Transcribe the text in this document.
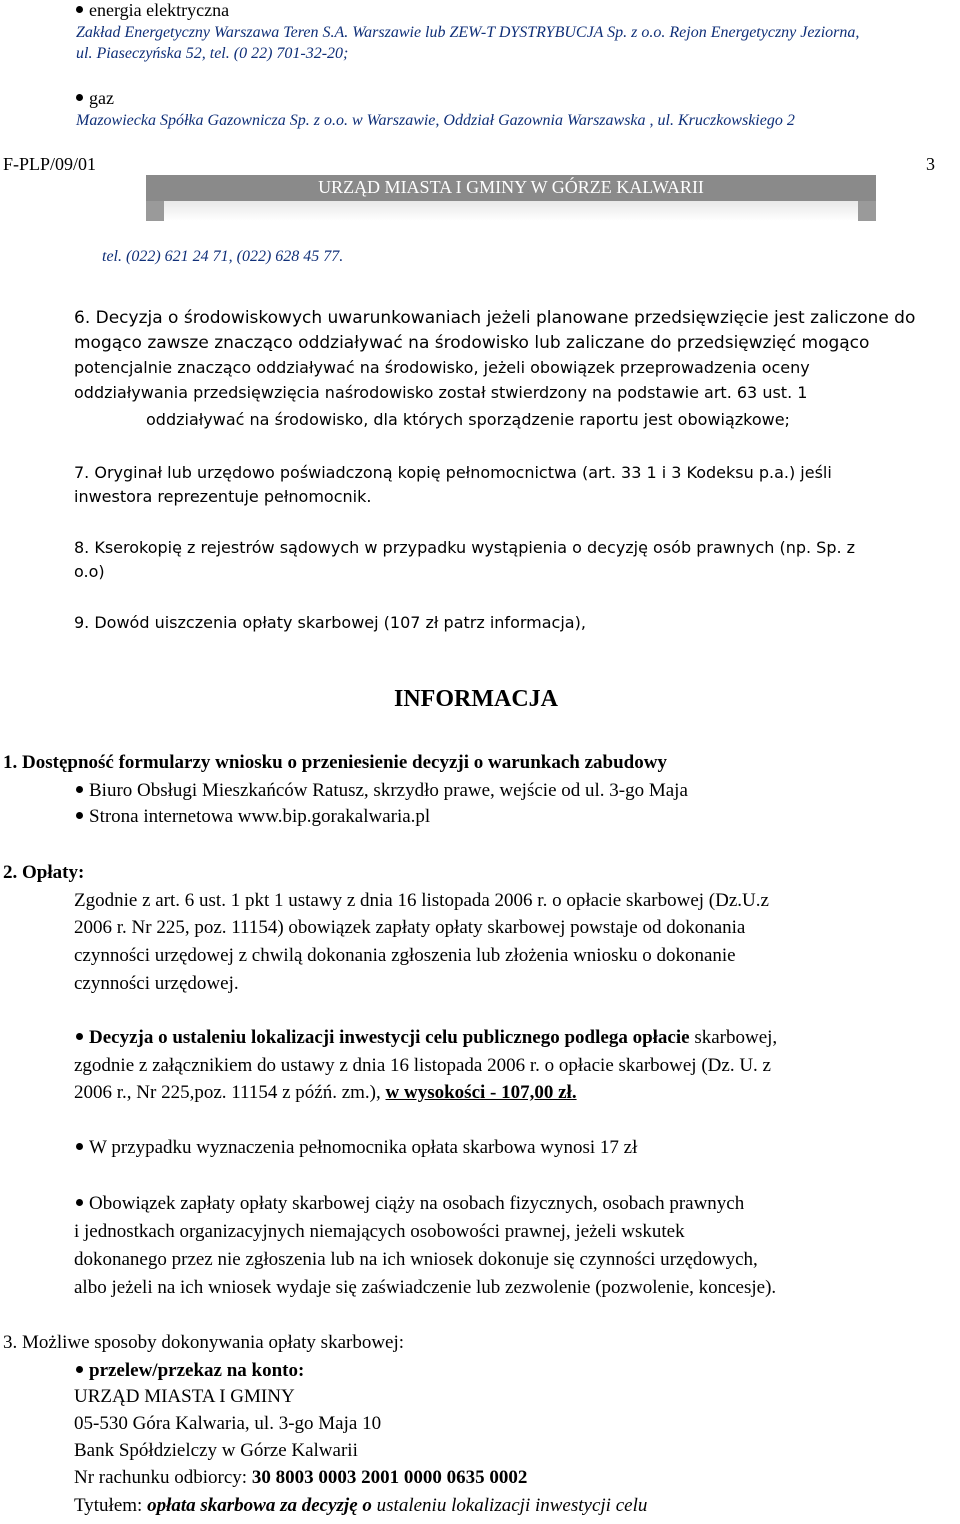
energia elektryczna
Zakład Energetyczny Warszawa Teren S.A. Warszawie lub ZEW-T DYSTRYBUCJA Sp. z o.o. Rejon Energetyczny Jeziorna,
ul. Piaseczyńska 52, tel. (0 22) 701-32-20;
gaz
Mazowiecka Spółka Gazownicza Sp. z o.o. w Warszawie, Oddział Gazownia Warszawska , ul. Kruczkowskiego 2
F-PLP/09/01	3
URZĄD MIASTA I GMINY W GÓRZE KALWARII
tel. (022) 621 24 71, (022) 628 45 77.
6. Decyzja o środowiskowych uwarunkowaniach jeżeli planowane przedsięwzięcie jest zaliczone do
mogąco zawsze znacząco oddziaływać na środowisko lub zaliczane do przedsięwzięć mogąco
potencjalnie znacząco oddziaływać na środowisko, jeżeli obowiązek przeprowadzenia oceny
oddziaływania przedsięwzięcia naśrodowisko został stwierdzony na podstawie art. 63 ust. 1
oddziaływać na środowisko, dla których sporządzenie raportu jest obowiązkowe;
7. Oryginał lub urzędowo poświadczoną kopię pełnomocnictwa (art. 33 1 i 3 Kodeksu p.a.) jeśli
inwestora reprezentuje pełnomocnik.
8. Kserokopię z rejestrów sądowych w przypadku wystąpienia o decyzję osób prawnych (np. Sp. z
o.o)
9. Dowód uiszczenia opłaty skarbowej (107 zł patrz informacja),
INFORMACJA
1. Dostępność formularzy wniosku o przeniesienie decyzji o warunkach zabudowy
Biuro Obsługi Mieszkańców Ratusz, skrzydło prawe, wejście od ul. 3-go Maja
Strona internetowa www.bip.gorakalwaria.pl
2. Opłaty:
Zgodnie z art. 6 ust. 1 pkt 1 ustawy z dnia 16 listopada 2006 r. o opłacie skarbowej (Dz.U.z
2006 r. Nr 225, poz. 11154) obowiązek zapłaty opłaty skarbowej powstaje od dokonania
czynności urzędowej z chwilą dokonania zgłoszenia lub złożenia wniosku o dokonanie
czynności urzędowej.
Decyzja o ustaleniu lokalizacji inwestycji celu publicznego podlega opłacie skarbowej,
zgodnie z załącznikiem do ustawy z dnia 16 listopada 2006 r. o opłacie skarbowej (Dz. U. z
2006 r., Nr 225,poz. 11154 z późń. zm.), w wysokości - 107,00 zł.
W przypadku wyznaczenia pełnomocnika opłata skarbowa wynosi 17 zł
Obowiązek zapłaty opłaty skarbowej ciąży na osobach fizycznych, osobach prawnych
i jednostkach organizacyjnych niemających osobowości prawnej, jeżeli wskutek
dokonanego przez nie zgłoszenia lub na ich wniosek dokonuje się czynności urzędowych,
albo jeżeli na ich wniosek wydaje się zaświadczenie lub zezwolenie (pozwolenie, koncesje).
3. Możliwe sposoby dokonywania opłaty skarbowej:
przelew/przekaz na konto:
URZĄD MIASTA I GMINY
05-530 Góra Kalwaria, ul. 3-go Maja 10
Bank Spółdzielczy w Górze Kalwarii
Nr rachunku odbiorcy: 30 8003 0003 2001 0000 0635 0002
Tytułem: opłata skarbowa za decyzję o ustaleniu lokalizacji inwestycji celu
